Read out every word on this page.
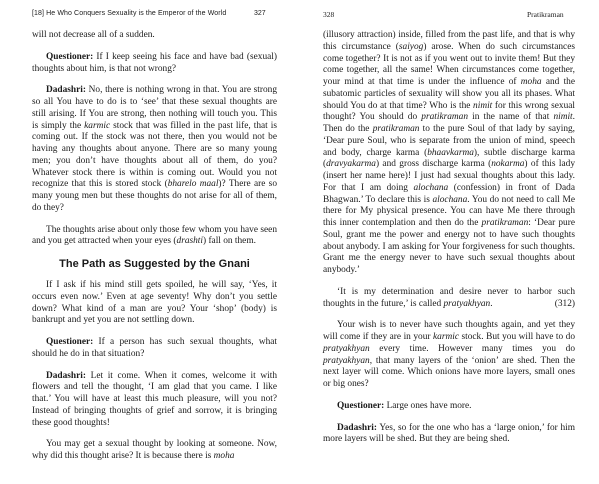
[18] He Who Conquers Sexuality is the Emperor of the World	327

will not decrease all of a sudden.

Questioner: If I keep seeing his face and have bad (sexual) thoughts about him, is that not wrong?

Dadashri: No, there is nothing wrong in that. You are strong so all You have to do is to ‘see’ that these sexual thoughts are still arising. If You are strong, then nothing will touch you. This is simply the karmic stock that was filled in the past life, that is coming out. If the stock was not there, then you would not be having any thoughts about anyone. There are so many young men; you don’t have thoughts about all of them, do you? Whatever stock there is within is coming out. Would you not recognize that this is stored stock (bharelo maal)? There are so many young men but these thoughts do not arise for all of them, do they?

The thoughts arise about only those few whom you have seen and you get attracted when your eyes (drashti) fall on them.

The Path as Suggested by the Gnani

If I ask if his mind still gets spoiled, he will say, ‘Yes, it occurs even now.’ Even at age seventy! Why don’t you settle down? What kind of a man are you? Your ‘shop’ (body) is bankrupt and yet you are not settling down.

Questioner: If a person has such sexual thoughts, what should he do in that situation?

Dadashri: Let it come. When it comes, welcome it with flowers and tell the thought, ‘I am glad that you came. I like that.’ You will have at least this much pleasure, will you not? Instead of bringing thoughts of grief and sorrow, it is bringing these good thoughts!

You may get a sexual thought by looking at someone. Now, why did this thought arise? It is because there is moha

328	Pratikraman

(illusory attraction) inside, filled from the past life, and that is why this circumstance (saiyog) arose. When do such circumstances come together? It is not as if you went out to invite them! But they come together, all the same! When circumstances come together, your mind at that time is under the influence of moha and the subatomic particles of sexuality will show you all its phases. What should You do at that time? Who is the nimit for this wrong sexual thought? You should do pratikraman in the name of that nimit. Then do the pratikraman to the pure Soul of that lady by saying, ‘Dear pure Soul, who is separate from the union of mind, speech and body, charge karma (bhaavkarma), subtle discharge karma (dravyakarma) and gross discharge karma (nokarma) of this lady (insert her name here)! I just had sexual thoughts about this lady. For that I am doing alochana (confession) in front of Dada Bhagwan.’ To declare this is alochana. You do not need to call Me there for My physical presence. You can have Me there through this inner contemplation and then do the pratikraman: ‘Dear pure Soul, grant me the power and energy not to have such thoughts about anybody. I am asking for Your forgiveness for such thoughts. Grant me the energy never to have such sexual thoughts about anybody.’

‘It is my determination and desire never to harbor such thoughts in the future,’ is called pratyakhyan.	(312)

Your wish is to never have such thoughts again, and yet they will come if they are in your karmic stock. But you will have to do pratyakhyan every time. However many times you do pratyakhyan, that many layers of the ‘onion’ are shed. Then the next layer will come. Which onions have more layers, small ones or big ones?

Questioner: Large ones have more.

Dadashri: Yes, so for the one who has a ‘large onion,’ for him more layers will be shed. But they are being shed.
